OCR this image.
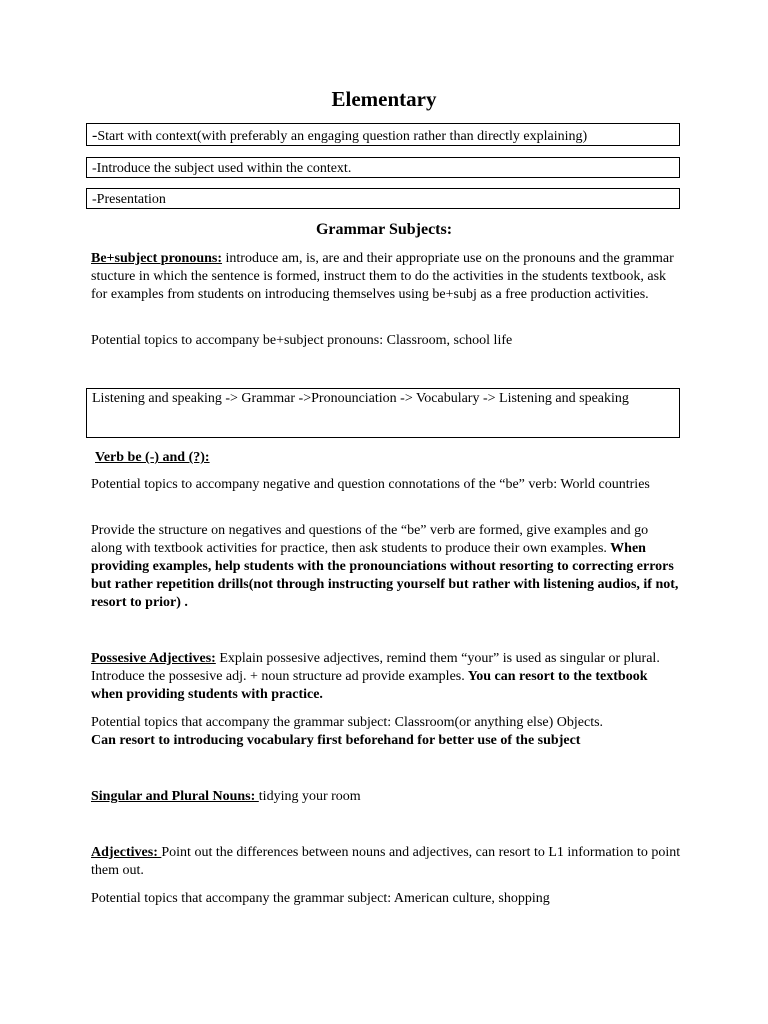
Elementary
-Start with context(with preferably an engaging question rather than directly explaining)
-Introduce the subject used within the context.
-Presentation
Grammar Subjects:
Be+subject pronouns: introduce am, is, are and their appropriate use on the pronouns and the grammar stucture in which the sentence is formed, instruct them to do the activities in the students textbook, ask for examples from students on introducing themselves using be+subj as a free production activities.
Potential topics to accompany be+subject pronouns: Classroom, school life
Listening and speaking -> Grammar ->Pronounciation -> Vocabulary -> Listening and speaking
Verb be (-) and (?):
Potential topics to accompany negative and question connotations of the “be” verb: World countries
Provide the structure on negatives and questions of the “be” verb are formed, give examples and go along with textbook activities for practice, then ask students to produce their own examples. When providing examples, help students with the pronounciations without resorting to correcting errors but rather repetition drills(not through instructing yourself but rather with listening audios, if not, resort to prior) .
Possesive Adjectives: Explain possesive adjectives, remind them “your” is used as singular or plural. Introduce the possesive adj. + noun structure ad provide examples. You can resort to the textbook when providing students with practice.
Potential topics that accompany the grammar subject: Classroom(or anything else) Objects.
Can resort to introducing vocabulary first beforehand for better use of the subject
Singular and Plural Nouns: tidying your room
Adjectives: Point out the differences between nouns and adjectives, can resort to L1 information to point them out.
Potential topics that accompany the grammar subject: American culture, shopping
